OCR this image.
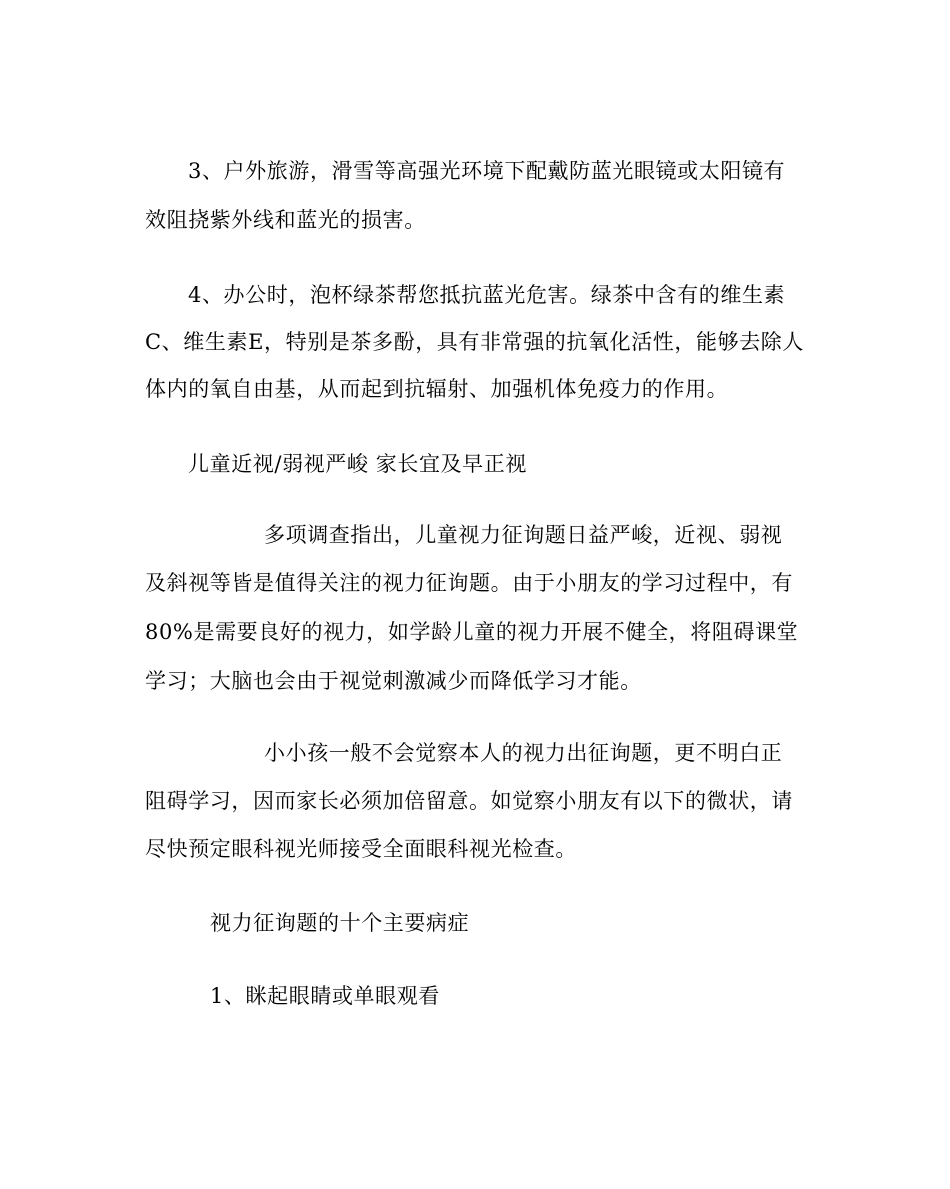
3、户外旅游，滑雪等高强光环境下配戴防蓝光眼镜或太阳镜有
效阻挠紫外线和蓝光的损害。
4、办公时，泡杯绿茶帮您抵抗蓝光危害。绿茶中含有的维生素
C、维生素E，特别是茶多酚，具有非常强的抗氧化活性，能够去除人
体内的氧自由基，从而起到抗辐射、加强机体免疫力的作用。
儿童近视/弱视严峻 家长宜及早正视
多项调查指出，儿童视力征询题日益严峻，近视、弱视
及斜视等皆是值得关注的视力征询题。由于小朋友的学习过程中，有
80%是需要良好的视力，如学龄儿童的视力开展不健全，将阻碍课堂
学习；大脑也会由于视觉刺激减少而降低学习才能。
小小孩一般不会觉察本人的视力出征询题，更不明白正
阻碍学习，因而家长必须加倍留意。如觉察小朋友有以下的微状，请
尽快预定眼科视光师接受全面眼科视光检查。
视力征询题的十个主要病症
1、眯起眼睛或单眼观看
